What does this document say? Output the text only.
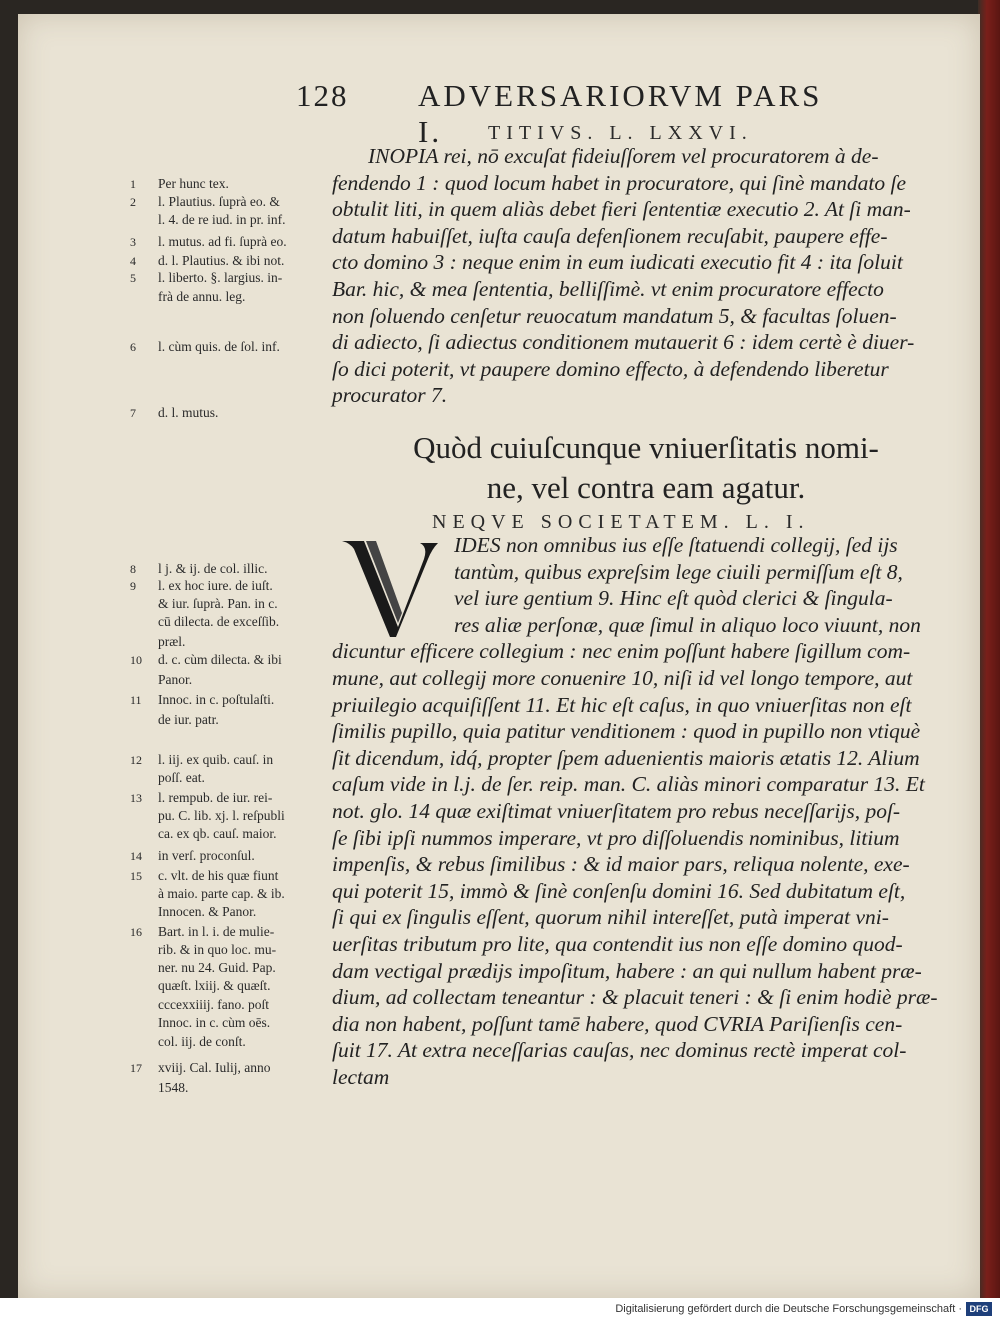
128 ADVERSARIORVM PARS I.	TITIVS. L. LXXVI.
INOPIA rei, nō excuſat fideiuſſorem vel procuratorem à de-
fendendo 1 : quod locum habet in procuratore, qui ſinè mandato ſe
obtulit liti, in quem aliàs debet fieri ſententiæ executio 2. At ſi man-
datum habuiſſet, iuſta cauſa defenſionem recuſabit, paupere effe-
cto domino 3 : neque enim in eum iudicati executio fit 4 : ita ſoluit
Bar. hic, & mea ſententia, belliſſimè. vt enim procuratore effecto
non ſoluendo cenſetur reuocatum mandatum 5, & facultas ſoluen-
di adiecto, ſi adiectus conditionem mutauerit 6 : idem certè è diuer-
ſo dici poterit, vt paupere domino effecto, à defendendo liberetur
procurator 7.
Quòd cuiuſcunque vniuerſitatis nomi-
ne, vel contra eam agatur.
NEQVE SOCIETATEM. L. I.
IDES non omnibus ius eſſe ſtatuendi collegij, ſed ijs
tantùm, quibus expreſsim lege ciuili permiſſum eſt 8,
vel iure gentium 9. Hinc eſt quòd clerici & ſingula-
res aliæ perſonæ, quæ ſimul in aliquo loco viuunt, non
dicuntur efficere collegium : nec enim poſſunt habere ſigillum com-
mune, aut collegij more conuenire 10, niſi id vel longo tempore, aut
priuilegio acquiſiſſent 11. Et hic eſt caſus, in quo vniuerſitas non eſt
ſimilis pupillo, quia patitur venditionem : quod in pupillo non vtiquè
ſit dicendum, idq́, propter ſpem aduenientis maioris ætatis 12. Alium
caſum vide in l.j. de ſer. reip. man. C. aliàs minori comparatur 13. Et
not. glo. 14 quæ exiſtimat vniuerſitatem pro rebus neceſſarijs, poſ-
ſe ſibi ipſi nummos imperare, vt pro diſſoluendis nominibus, litium
impenſis, & rebus ſimilibus : & id maior pars, reliqua nolente, exe-
qui poterit 15, immò & ſinè conſenſu domini 16. Sed dubitatum eſt,
ſi qui ex ſingulis eſſent, quorum nihil intereſſet, putà imperat vni-
uerſitas tributum pro lite, qua contendit ius non eſſe domino quod-
dam vectigal prædijs impoſitum, habere : an qui nullum habent præ-
dium, ad collectam teneantur : & placuit teneri : & ſi enim hodiè præ-
dia non habent, poſſunt tamē habere, quod CVRIA Pariſienſis cen-
ſuit 17. At extra neceſſarias cauſas, nec dominus rectè imperat col-
lectam
1	Per hunc tex.
2	l. Plautius. ſuprà eo. &
l. 4. de re iud. in pr. inf.
3	l. mutus. ad fi. ſuprà eo.
4	d. l. Plautius. & ibi not.
5	l. liberto. §. largius. in-
frà de annu. leg.
6	l. cùm quis. de ſol. inf.
7	d. l. mutus.
8	l j. & ij. de col. illic.
9	l. ex hoc iure. de iuſt.
& iur. ſuprà. Pan. in c.
cū dilecta. de exceſſib.
præl.
10	d. c. cùm dilecta. & ibi
Panor.
11	Innoc. in c. poſtulaſti.
de iur. patr.
12	l. iij. ex quib. cauſ. in
poſſ. eat.
13	l. rempub. de iur. rei-
pu. C. lib. xj. l. reſpubli
ca. ex qb. cauſ. maior.
14	in verſ. proconſul.
15	c. vlt. de his quæ fiunt
à maio. parte cap. & ib.
Innocen. & Panor.
16	Bart. in l. i. de mulie-
rib. & in quo loc. mu-
ner. nu 24. Guid. Pap.
quæſt. lxiij. & quæſt.
cccexxiiij. fano. poſt
Innoc. in c. cùm oēs.
col. iij. de conſt.
17	xviij. Cal. Iulij, anno
1548.
Digitalisierung gefördert durch die Deutsche Forschungsgemeinschaft · DFG
